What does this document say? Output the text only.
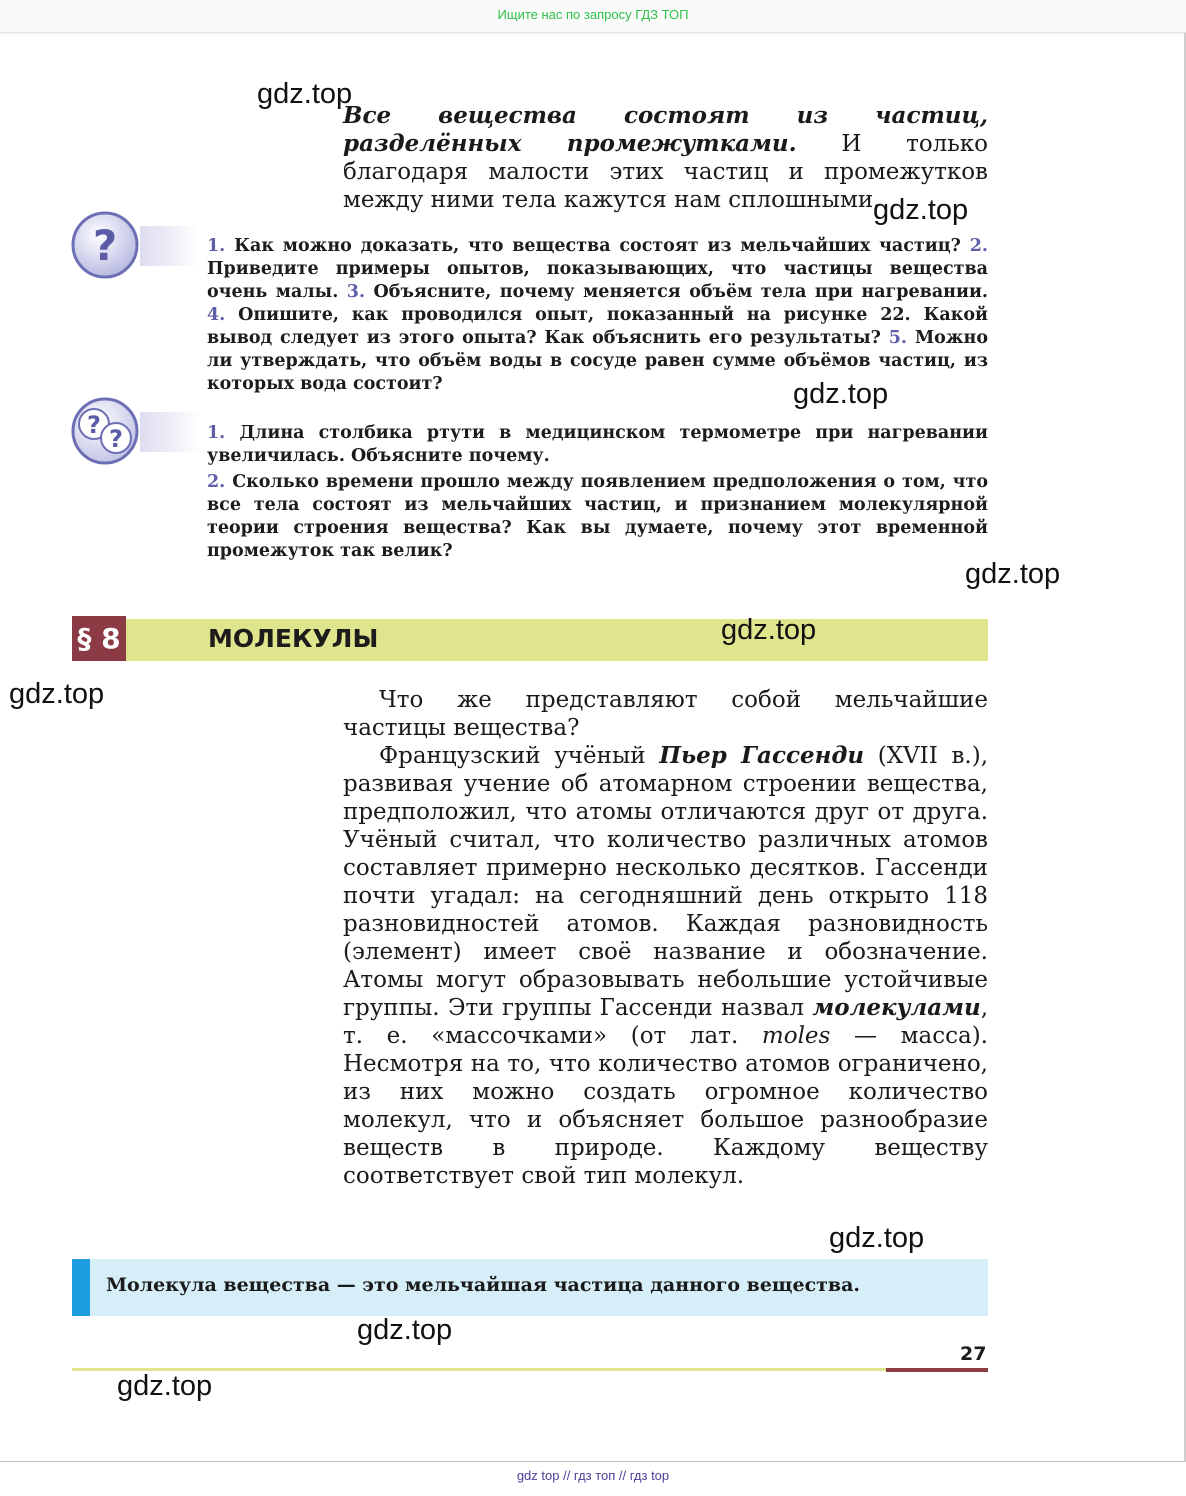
Ищите нас по запросу ГДЗ ТОП
Все вещества состоят из частиц, разделённых промежутками. И только благодаря малости этих частиц и промежутков между ними тела кажутся нам сплошными.
?	1. Как можно доказать, что вещества состоят из мельчайших частиц? 2. Приведите примеры опытов, показывающих, что частицы вещества очень малы. 3. Объясните, почему меняется объём тела при нагревании. 4. Опишите, как проводился опыт, показанный на рисунке 22. Какой вывод следует из этого опыта? Как объяснить его результаты? 5. Можно ли утверждать, что объём воды в сосуде равен сумме объёмов частиц, из которых вода состоит?
? ?	1. Длина столбика ртути в медицинском термометре при нагревании увеличилась. Объясните почему.
2. Сколько времени прошло между появлением предположения о том, что все тела состоят из мельчайших частиц, и признанием молекулярной теории строения вещества? Как вы думаете, почему этот временной промежуток так велик?
§ 8	МОЛЕКУЛЫ

Что же представляют собой мельчайшие частицы вещества?

Французский учёный Пьер Гассенди (XVII в.), развивая учение об атомарном строении вещества, предположил, что атомы отличаются друг от друга. Учёный считал, что количество различных атомов составляет примерно несколько десятков. Гассенди почти угадал: на сегодняшний день открыто 118 разновидностей атомов. Каждая разновидность (элемент) имеет своё название и обозначение. Атомы могут образовывать небольшие устойчивые группы. Эти группы Гассенди назвал молекулами, т. е. «массочками» (от лат. moles — масса). Несмотря на то, что количество атомов ограничено, из них можно создать огромное количество молекул, что и объясняет большое разнообразие веществ в природе. Каждому веществу соответствует свой тип молекул.

Молекула вещества — это мельчайшая частица данного вещества.
27
gdz.top
gdz.top
gdz.top
gdz.top
gdz.top
gdz.top
gdz.top
gdz.top
gdz.top
gdz top // гдз топ // гдз top
